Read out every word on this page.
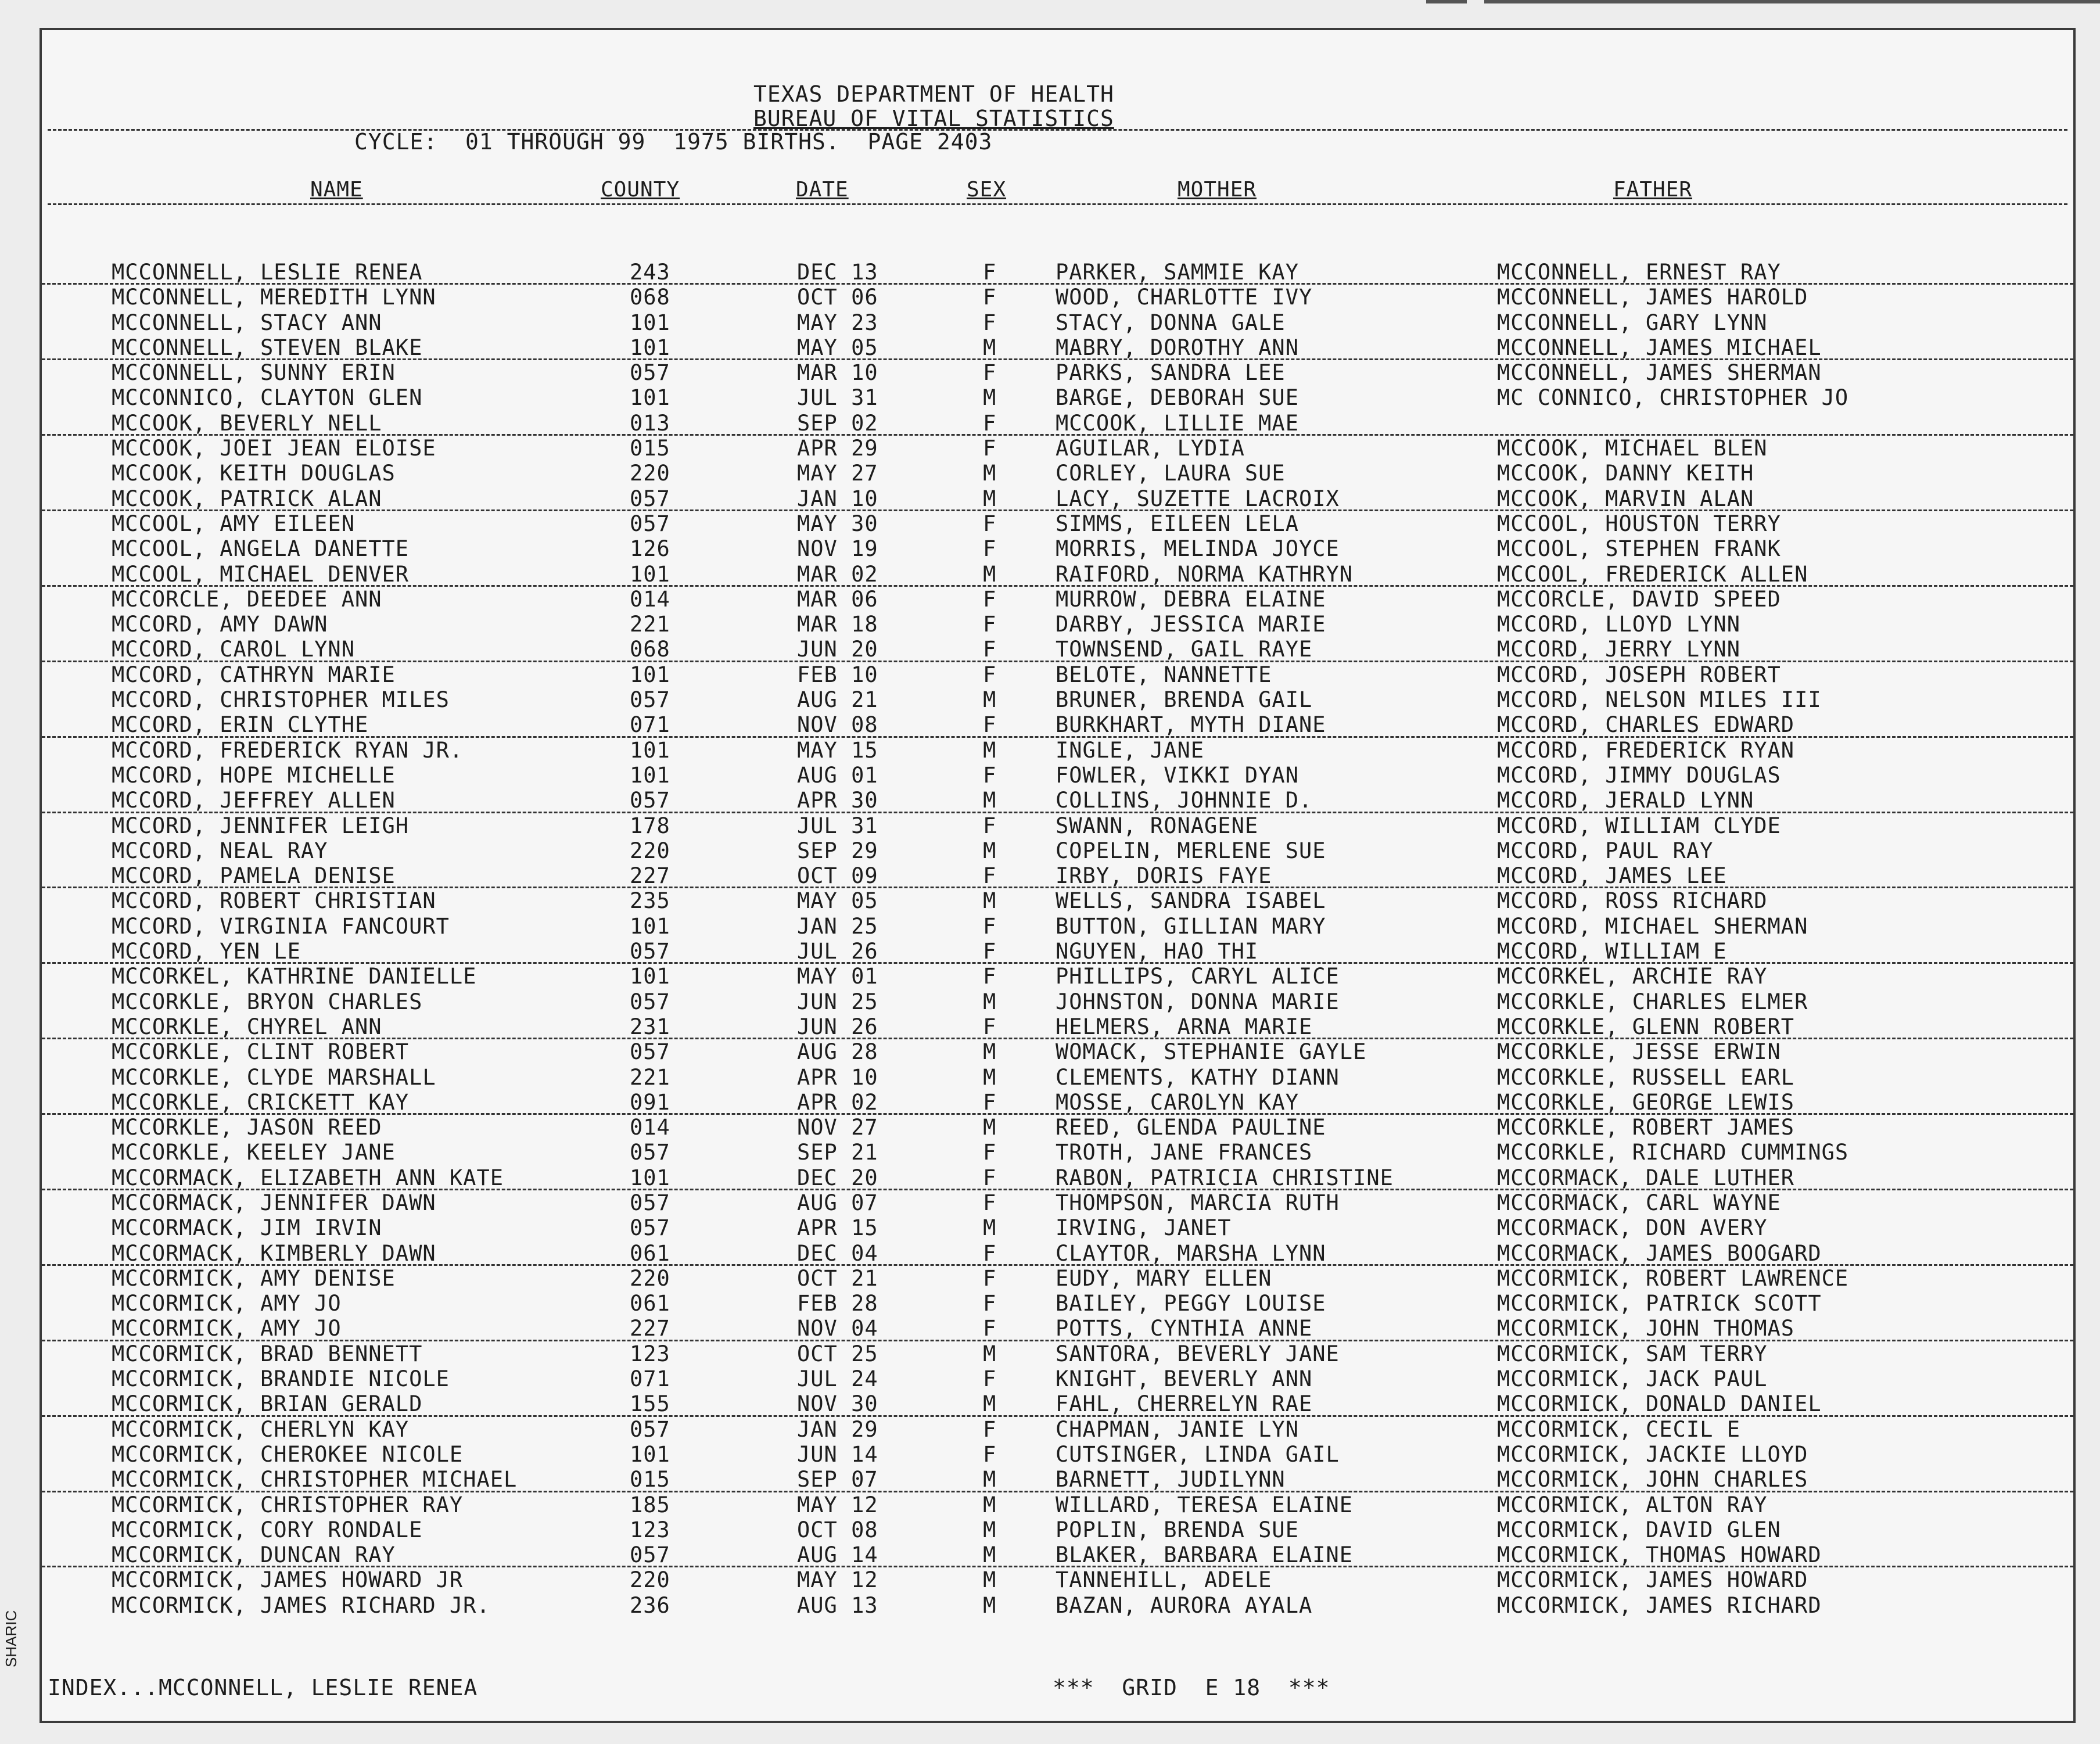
SHARIC
TEXAS DEPARTMENT OF HEALTH
BUREAU OF VITAL STATISTICS
CYCLE:  01 THROUGH 99  1975 BIRTHS.  PAGE 2403
NAME	COUNTY	DATE	SEX	MOTHER	FATHER
MCCONNELL, LESLIE RENEA	243	DEC 13	F	PARKER, SAMMIE KAY	MCCONNELL, ERNEST RAY
MCCONNELL, MEREDITH LYNN	068	OCT 06	F	WOOD, CHARLOTTE IVY	MCCONNELL, JAMES HAROLD
MCCONNELL, STACY ANN	101	MAY 23	F	STACY, DONNA GALE	MCCONNELL, GARY LYNN
MCCONNELL, STEVEN BLAKE	101	MAY 05	M	MABRY, DOROTHY ANN	MCCONNELL, JAMES MICHAEL
MCCONNELL, SUNNY ERIN	057	MAR 10	F	PARKS, SANDRA LEE	MCCONNELL, JAMES SHERMAN
MCCONNICO, CLAYTON GLEN	101	JUL 31	M	BARGE, DEBORAH SUE	MC CONNICO, CHRISTOPHER JO
MCCOOK, BEVERLY NELL	013	SEP 02	F	MCCOOK, LILLIE MAE
MCCOOK, JOEI JEAN ELOISE	015	APR 29	F	AGUILAR, LYDIA	MCCOOK, MICHAEL BLEN
MCCOOK, KEITH DOUGLAS	220	MAY 27	M	CORLEY, LAURA SUE	MCCOOK, DANNY KEITH
MCCOOK, PATRICK ALAN	057	JAN 10	M	LACY, SUZETTE LACROIX	MCCOOK, MARVIN ALAN
MCCOOL, AMY EILEEN	057	MAY 30	F	SIMMS, EILEEN LELA	MCCOOL, HOUSTON TERRY
MCCOOL, ANGELA DANETTE	126	NOV 19	F	MORRIS, MELINDA JOYCE	MCCOOL, STEPHEN FRANK
MCCOOL, MICHAEL DENVER	101	MAR 02	M	RAIFORD, NORMA KATHRYN	MCCOOL, FREDERICK ALLEN
MCCORCLE, DEEDEE ANN	014	MAR 06	F	MURROW, DEBRA ELAINE	MCCORCLE, DAVID SPEED
MCCORD, AMY DAWN	221	MAR 18	F	DARBY, JESSICA MARIE	MCCORD, LLOYD LYNN
MCCORD, CAROL LYNN	068	JUN 20	F	TOWNSEND, GAIL RAYE	MCCORD, JERRY LYNN
MCCORD, CATHRYN MARIE	101	FEB 10	F	BELOTE, NANNETTE	MCCORD, JOSEPH ROBERT
MCCORD, CHRISTOPHER MILES	057	AUG 21	M	BRUNER, BRENDA GAIL	MCCORD, NELSON MILES III
MCCORD, ERIN CLYTHE	071	NOV 08	F	BURKHART, MYTH DIANE	MCCORD, CHARLES EDWARD
MCCORD, FREDERICK RYAN JR.	101	MAY 15	M	INGLE, JANE	MCCORD, FREDERICK RYAN
MCCORD, HOPE MICHELLE	101	AUG 01	F	FOWLER, VIKKI DYAN	MCCORD, JIMMY DOUGLAS
MCCORD, JEFFREY ALLEN	057	APR 30	M	COLLINS, JOHNNIE D.	MCCORD, JERALD LYNN
MCCORD, JENNIFER LEIGH	178	JUL 31	F	SWANN, RONAGENE	MCCORD, WILLIAM CLYDE
MCCORD, NEAL RAY	220	SEP 29	M	COPELIN, MERLENE SUE	MCCORD, PAUL RAY
MCCORD, PAMELA DENISE	227	OCT 09	F	IRBY, DORIS FAYE	MCCORD, JAMES LEE
MCCORD, ROBERT CHRISTIAN	235	MAY 05	M	WELLS, SANDRA ISABEL	MCCORD, ROSS RICHARD
MCCORD, VIRGINIA FANCOURT	101	JAN 25	F	BUTTON, GILLIAN MARY	MCCORD, MICHAEL SHERMAN
MCCORD, YEN LE	057	JUL 26	F	NGUYEN, HAO THI	MCCORD, WILLIAM E
MCCORKEL, KATHRINE DANIELLE	101	MAY 01	F	PHILLIPS, CARYL ALICE	MCCORKEL, ARCHIE RAY
MCCORKLE, BRYON CHARLES	057	JUN 25	M	JOHNSTON, DONNA MARIE	MCCORKLE, CHARLES ELMER
MCCORKLE, CHYREL ANN	231	JUN 26	F	HELMERS, ARNA MARIE	MCCORKLE, GLENN ROBERT
MCCORKLE, CLINT ROBERT	057	AUG 28	M	WOMACK, STEPHANIE GAYLE	MCCORKLE, JESSE ERWIN
MCCORKLE, CLYDE MARSHALL	221	APR 10	M	CLEMENTS, KATHY DIANN	MCCORKLE, RUSSELL EARL
MCCORKLE, CRICKETT KAY	091	APR 02	F	MOSSE, CAROLYN KAY	MCCORKLE, GEORGE LEWIS
MCCORKLE, JASON REED	014	NOV 27	M	REED, GLENDA PAULINE	MCCORKLE, ROBERT JAMES
MCCORKLE, KEELEY JANE	057	SEP 21	F	TROTH, JANE FRANCES	MCCORKLE, RICHARD CUMMINGS
MCCORMACK, ELIZABETH ANN KATE	101	DEC 20	F	RABON, PATRICIA CHRISTINE	MCCORMACK, DALE LUTHER
MCCORMACK, JENNIFER DAWN	057	AUG 07	F	THOMPSON, MARCIA RUTH	MCCORMACK, CARL WAYNE
MCCORMACK, JIM IRVIN	057	APR 15	M	IRVING, JANET	MCCORMACK, DON AVERY
MCCORMACK, KIMBERLY DAWN	061	DEC 04	F	CLAYTOR, MARSHA LYNN	MCCORMACK, JAMES BOOGARD
MCCORMICK, AMY DENISE	220	OCT 21	F	EUDY, MARY ELLEN	MCCORMICK, ROBERT LAWRENCE
MCCORMICK, AMY JO	061	FEB 28	F	BAILEY, PEGGY LOUISE	MCCORMICK, PATRICK SCOTT
MCCORMICK, AMY JO	227	NOV 04	F	POTTS, CYNTHIA ANNE	MCCORMICK, JOHN THOMAS
MCCORMICK, BRAD BENNETT	123	OCT 25	M	SANTORA, BEVERLY JANE	MCCORMICK, SAM TERRY
MCCORMICK, BRANDIE NICOLE	071	JUL 24	F	KNIGHT, BEVERLY ANN	MCCORMICK, JACK PAUL
MCCORMICK, BRIAN GERALD	155	NOV 30	M	FAHL, CHERRELYN RAE	MCCORMICK, DONALD DANIEL
MCCORMICK, CHERLYN KAY	057	JAN 29	F	CHAPMAN, JANIE LYN	MCCORMICK, CECIL E
MCCORMICK, CHEROKEE NICOLE	101	JUN 14	F	CUTSINGER, LINDA GAIL	MCCORMICK, JACKIE LLOYD
MCCORMICK, CHRISTOPHER MICHAEL	015	SEP 07	M	BARNETT, JUDILYNN	MCCORMICK, JOHN CHARLES
MCCORMICK, CHRISTOPHER RAY	185	MAY 12	M	WILLARD, TERESA ELAINE	MCCORMICK, ALTON RAY
MCCORMICK, CORY RONDALE	123	OCT 08	M	POPLIN, BRENDA SUE	MCCORMICK, DAVID GLEN
MCCORMICK, DUNCAN RAY	057	AUG 14	M	BLAKER, BARBARA ELAINE	MCCORMICK, THOMAS HOWARD
MCCORMICK, JAMES HOWARD JR	220	MAY 12	M	TANNEHILL, ADELE	MCCORMICK, JAMES HOWARD
MCCORMICK, JAMES RICHARD JR.	236	AUG 13	M	BAZAN, AURORA AYALA	MCCORMICK, JAMES RICHARD
INDEX...MCCONNELL, LESLIE RENEA	***  GRID  E 18  ***
